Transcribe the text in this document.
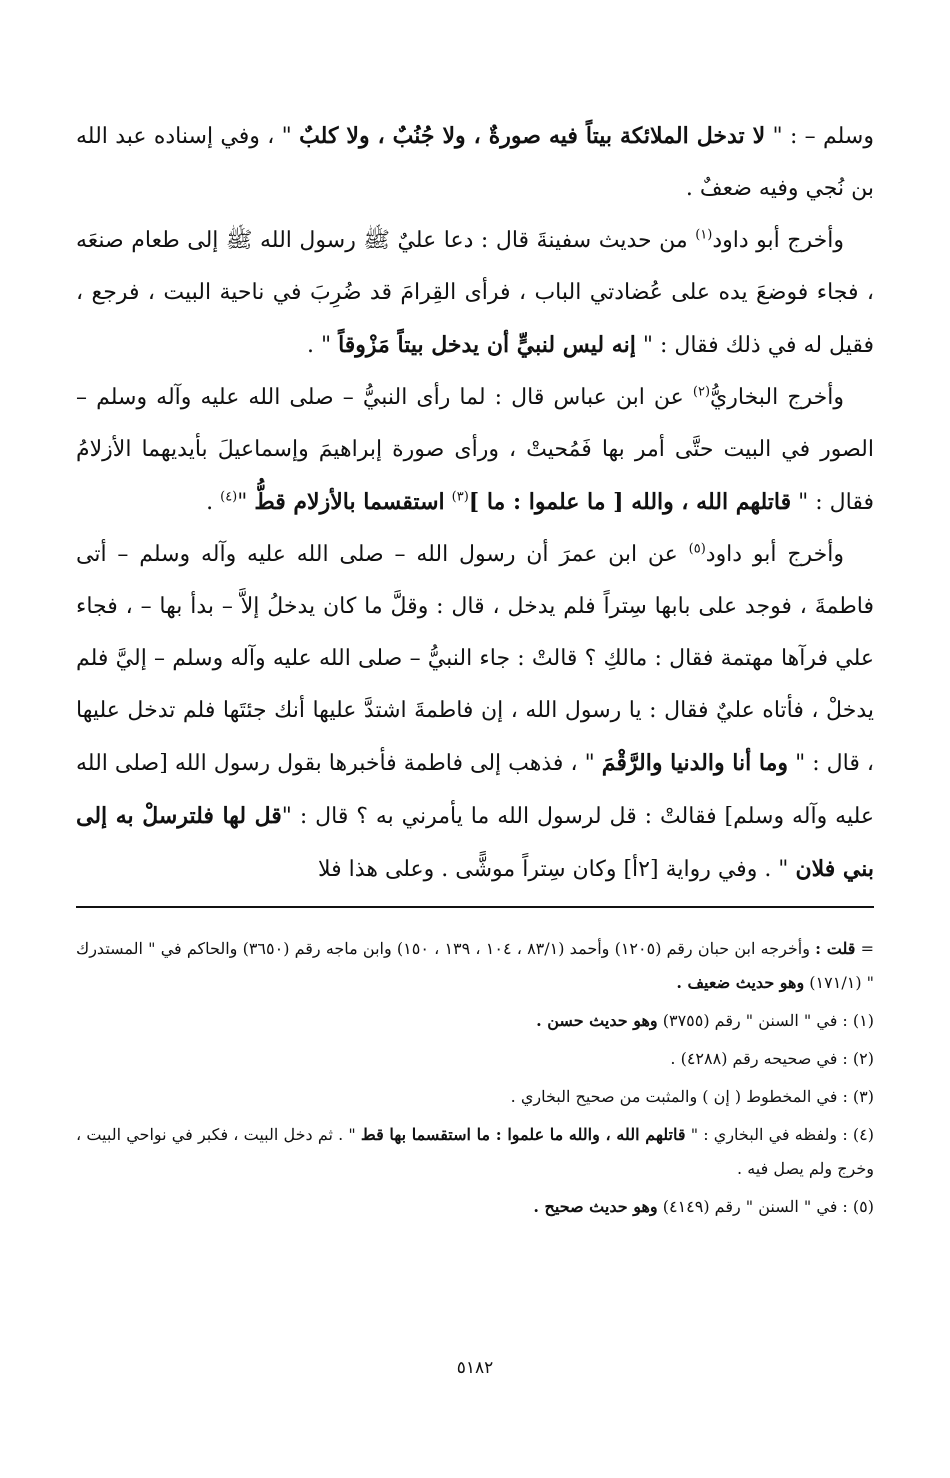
وسلم – : " لا تدخل الملائكة بيتاً فيه صورةٌ ، ولا جُنُبٌ ، ولا كلبٌ " ، وفي إسناده عبد الله بن نُجي وفيه ضعفٌ .

وأخرج أبو داود$^{(١)}$ من حديث سفينةَ قال : دعا عليٌ ﷺ رسول الله ﷺ إلى طعام صنعَه ، فجاء فوضعَ يده على عُضادتي الباب ، فرأى القِرامَ قد ضُرِبَ في ناحية البيت ، فرجع ، فقيل له في ذلك فقال : " إنه ليس لنبيٍّ أن يدخل بيتاً مَزْوقاً " .

وأخرج البخاريُّ$^{(٢)}$ عن ابن عباس قال : لما رأى النبيُّ – صلى الله عليه وآله وسلم – الصور في البيت حتَّى أمر بها فَمُحيتْ ، ورأى صورة إبراهيمَ وإسماعيلَ بأيديهما الأزلامُ فقال : " قاتلهم الله ، والله [ ما علموا : ما ]$^{(٣)}$ استقسما بالأزلام قطُّ "$^{(٤)}$ .

وأخرج أبو داود$^{(٥)}$ عن ابن عمرَ أن رسول الله – صلى الله عليه وآله وسلم – أتى فاطمةَ ، فوجد على بابها سِتراً فلم يدخل ، قال : وقلَّ ما كان يدخلُ إلاَّ – بدأ بها – ، فجاء علي فرآها مهتمة فقال : مالكِ ؟ قالتْ : جاء النبيُّ – صلى الله عليه وآله وسلم – إليَّ فلم يدخلْ ، فأتاه عليٌ فقال : يا رسول الله ، إن فاطمةَ اشتدَّ عليها أنك جئتَها فلم تدخل عليها ، قال : " وما أنا والدنيا والرَّقْمَ " ، فذهب إلى فاطمة فأخبرها بقول رسول الله [صلى الله عليه وآله وسلم] فقالتْ : قل لرسول الله ما يأمرني به ؟ قال : "قل لها فلترسلْ به إلى بني فلان " . وفي رواية [٢أ] وكان سِتراً موشًّى . وعلى هذا فلا

= قلت : وأخرجه ابن حبان رقم (١٢٠٥) وأحمد (٨٣/١ ، ١٠٤ ، ١٣٩ ، ١٥٠) وابن ماجه رقم (٣٦٥٠) والحاكم في " المستدرك " (١٧١/١) وهو حديث ضعيف .

(١) : في " السنن " رقم (٣٧٥٥) وهو حديث حسن .

(٢) : في صحيحه رقم (٤٢٨٨) .

(٣) : في المخطوط ( إن ) والمثبت من صحيح البخاري .

(٤) : ولفظه في البخاري : " قاتلهم الله ، والله ما علموا : ما استقسما بها قط " . ثم دخل البيت ، فكبر في نواحي البيت ، وخرج ولم يصل فيه .

(٥) : في " السنن " رقم (٤١٤٩) وهو حديث صحيح .

٥١٨٢
